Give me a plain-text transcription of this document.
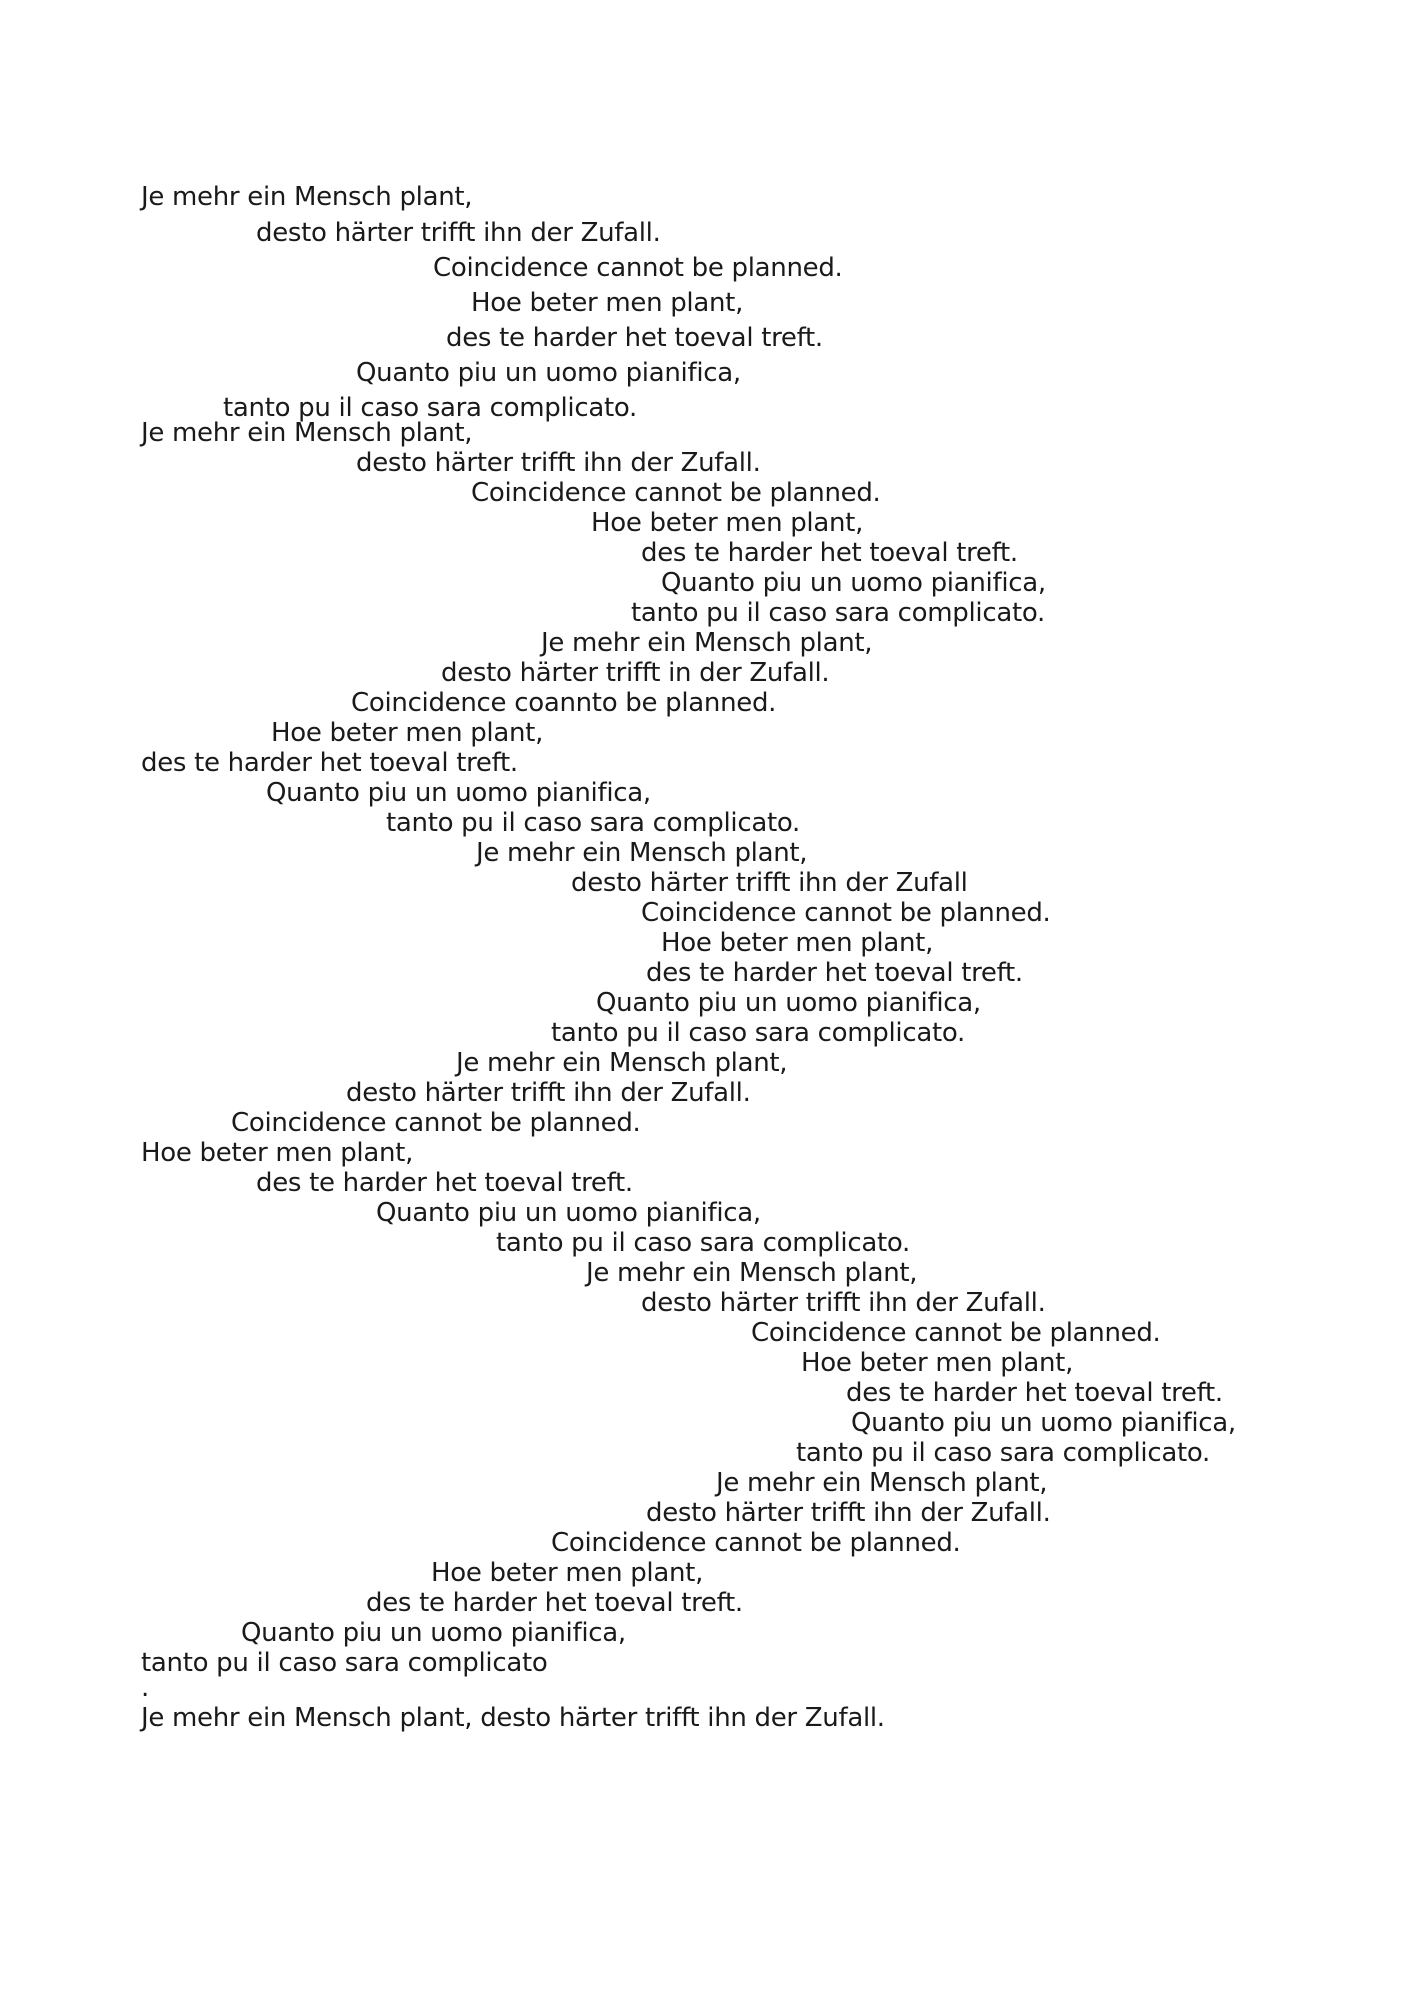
Je mehr ein Mensch plant,
desto härter trifft ihn der Zufall.
Coincidence cannot be planned.
Hoe beter men plant,
des te harder het toeval treft.
Quanto piu un uomo pianifica,
tanto pu il caso sara complicato.
Je mehr ein Mensch plant,
desto härter trifft ihn der Zufall.
Coincidence cannot be planned.
Hoe beter men plant,
des te harder het toeval treft.
Quanto piu un uomo pianifica,
tanto pu il caso sara complicato.
Je mehr ein Mensch plant,
desto härter trifft in der Zufall.
Coincidence coannto be planned.
Hoe beter men plant,
des te harder het toeval treft.
Quanto piu un uomo pianifica,
tanto pu il caso sara complicato.
Je mehr ein Mensch plant,
desto härter trifft ihn der Zufall
Coincidence cannot be planned.
Hoe beter men plant,
des te harder het toeval treft.
Quanto piu un uomo pianifica,
tanto pu il caso sara complicato.
Je mehr ein Mensch plant,
desto härter trifft ihn der Zufall.
Coincidence cannot be planned.
Hoe beter men plant,
des te harder het toeval treft.
Quanto piu un uomo pianifica,
tanto pu il caso sara complicato.
Je mehr ein Mensch plant,
desto härter trifft ihn der Zufall.
Coincidence cannot be planned.
Hoe beter men plant,
des te harder het toeval treft.
Quanto piu un uomo pianifica,
tanto pu il caso sara complicato.
Je mehr ein Mensch plant,
desto härter trifft ihn der Zufall.
Coincidence cannot be planned.
Hoe beter men plant,
des te harder het toeval treft.
Quanto piu un uomo pianifica,
tanto pu il caso sara complicato
.
Je mehr ein Mensch plant, desto härter trifft ihn der Zufall.
